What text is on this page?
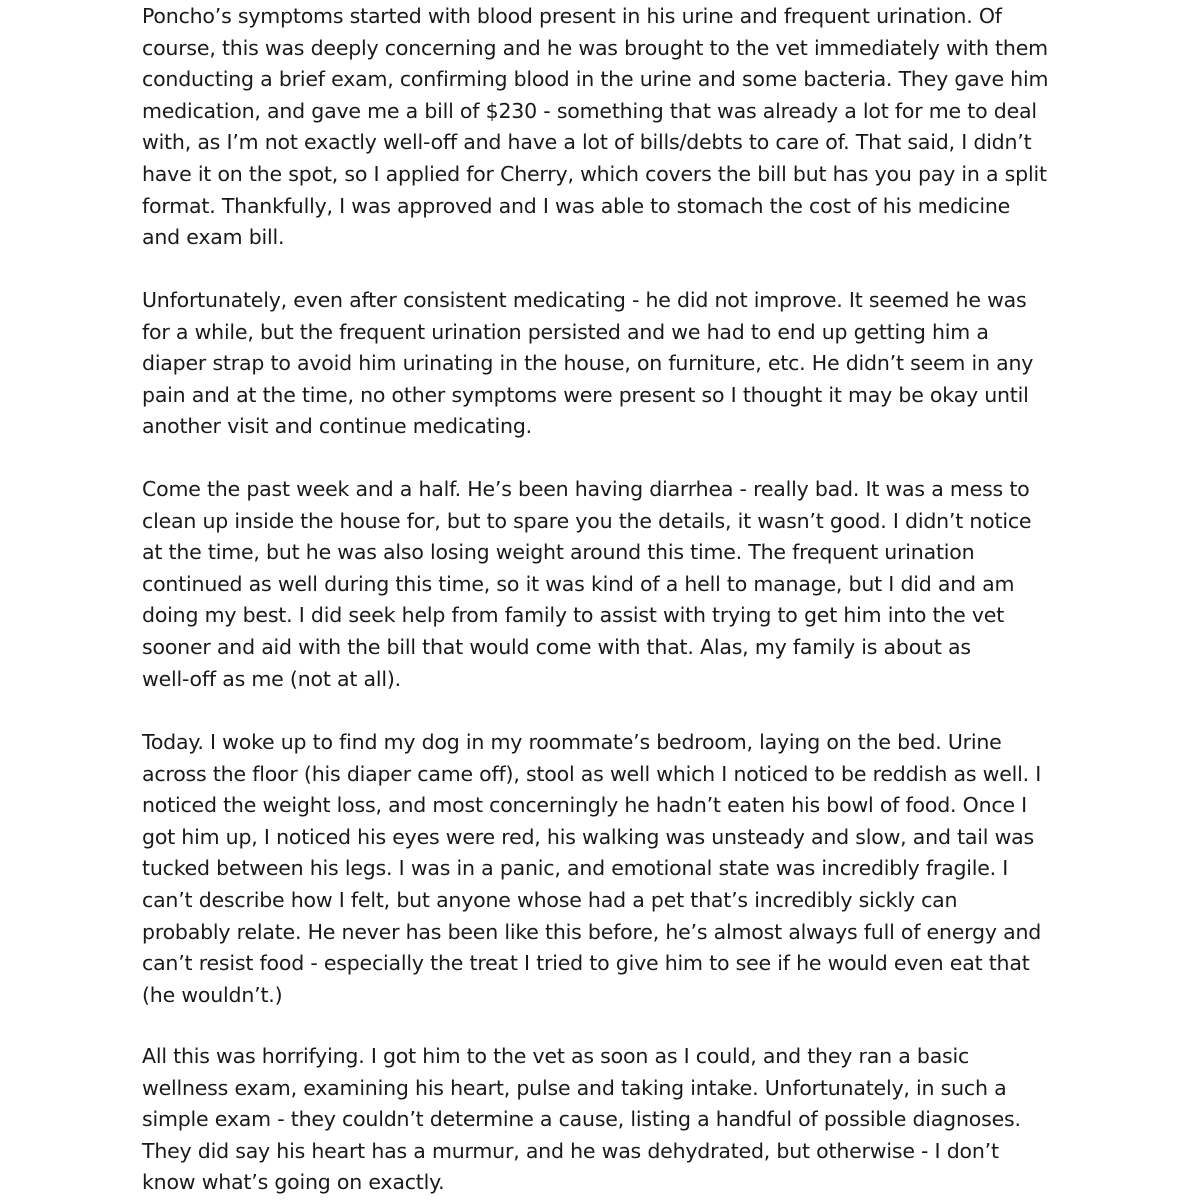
Poncho’s symptoms started with blood present in his urine and frequent urination. Of
course, this was deeply concerning and he was brought to the vet immediately with them
conducting a brief exam, confirming blood in the urine and some bacteria. They gave him
medication, and gave me a bill of $230 - something that was already a lot for me to deal
with, as I’m not exactly well-off and have a lot of bills/debts to care of. That said, I didn’t
have it on the spot, so I applied for Cherry, which covers the bill but has you pay in a split
format. Thankfully, I was approved and I was able to stomach the cost of his medicine
and exam bill.

Unfortunately, even after consistent medicating - he did not improve. It seemed he was
for a while, but the frequent urination persisted and we had to end up getting him a
diaper strap to avoid him urinating in the house, on furniture, etc. He didn’t seem in any
pain and at the time, no other symptoms were present so I thought it may be okay until
another visit and continue medicating.

Come the past week and a half. He’s been having diarrhea - really bad. It was a mess to
clean up inside the house for, but to spare you the details, it wasn’t good. I didn’t notice
at the time, but he was also losing weight around this time. The frequent urination
continued as well during this time, so it was kind of a hell to manage, but I did and am
doing my best. I did seek help from family to assist with trying to get him into the vet
sooner and aid with the bill that would come with that. Alas, my family is about as
well-off as me (not at all).

Today. I woke up to find my dog in my roommate’s bedroom, laying on the bed. Urine
across the floor (his diaper came off), stool as well which I noticed to be reddish as well. I
noticed the weight loss, and most concerningly he hadn’t eaten his bowl of food. Once I
got him up, I noticed his eyes were red, his walking was unsteady and slow, and tail was
tucked between his legs. I was in a panic, and emotional state was incredibly fragile. I
can’t describe how I felt, but anyone whose had a pet that’s incredibly sickly can
probably relate. He never has been like this before, he’s almost always full of energy and
can’t resist food - especially the treat I tried to give him to see if he would even eat that
(he wouldn’t.)

All this was horrifying. I got him to the vet as soon as I could, and they ran a basic
wellness exam, examining his heart, pulse and taking intake. Unfortunately, in such a
simple exam - they couldn’t determine a cause, listing a handful of possible diagnoses.
They did say his heart has a murmur, and he was dehydrated, but otherwise - I don’t
know what’s going on exactly.
